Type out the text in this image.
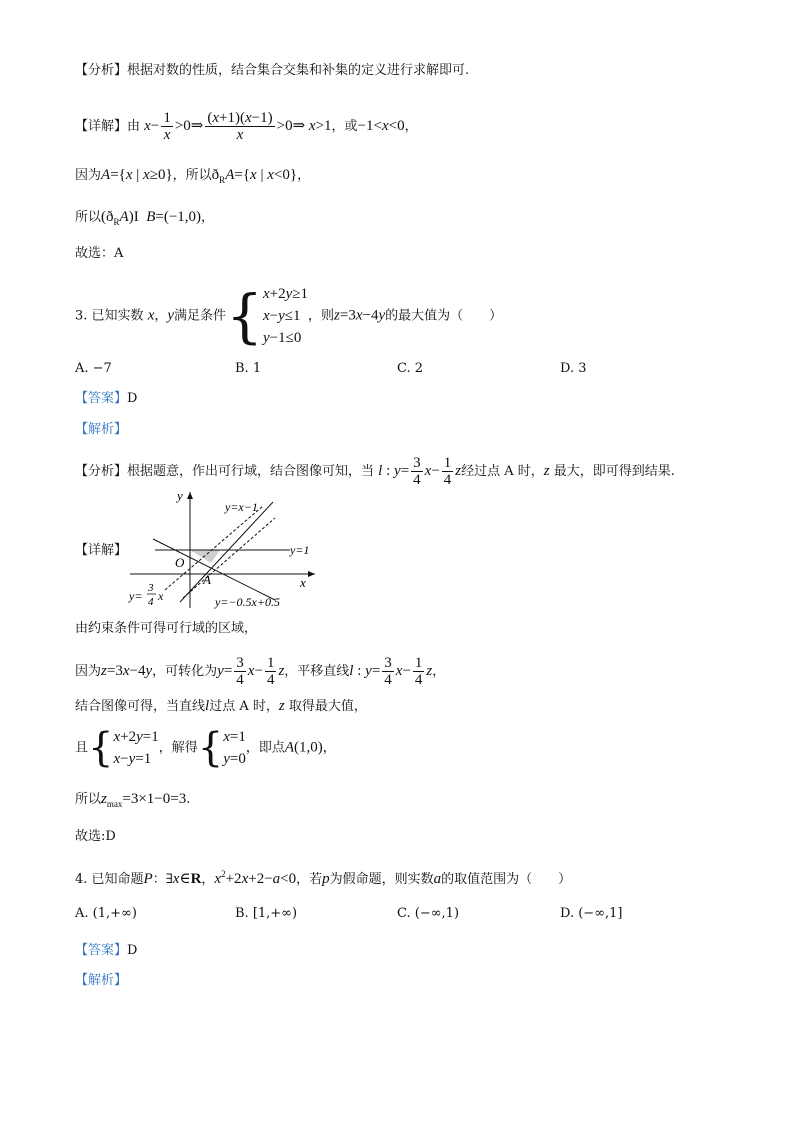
【分析】根据对数的性质，结合集合交集和补集的定义进行求解即可.
【详解】由 $x- \frac{1}{x}$ >0⇒ $\frac{(x+1)(x-1)}{x}$ >0⇒ x>1，或−1<x<0，
因为A={x | x≥0}，所以$ð_RA=\{x$ | x<0}，
所以$(ð_RA)I$  B=(−1,0)，
故选：A
3. 已知实数 x，y满足条件{ x+2y≥1
x−y≤1
y−1≤0
，则z=3x−4y的最大值为（　　）
A. −7	B. 1	C. 2	D. 3
【答案】D
【解析】
【分析】根据题意，作出可行域，结合图像可知，当 l : $y= \frac{3}{4} x- \frac{1}{4}$ z经过点 A 时，z 最大，即可得到结果.
【详解】
y
x
O
A
y=x−1
y=1
y=−0.5x+0.5
y=
3
4 x
由约束条件可得可行域的区域，
因为z=3x−4y，可转化为$y= \frac{3}{4} x- \frac{1}{4}$ z，平移直线l : $y= \frac{3}{4} x- \frac{1}{4}$ z，
结合图像可得，当直线l过点 A 时，z 取得最大值，
且{ x+2y=1
x−y=1
，解得{ x=1
y=0
，即点A(1,0)，
所以$z_{max}=3\times 1-0=3$.
故选:D
4. 已知命题P：∃x∈R，$x^2+2x+2-a<0$，若p为假命题，则实数a的取值范围为（　　）
A. (1,+∞)	B. [1,+∞)	C. (−∞,1)	D. (−∞,1]
【答案】D
【解析】
